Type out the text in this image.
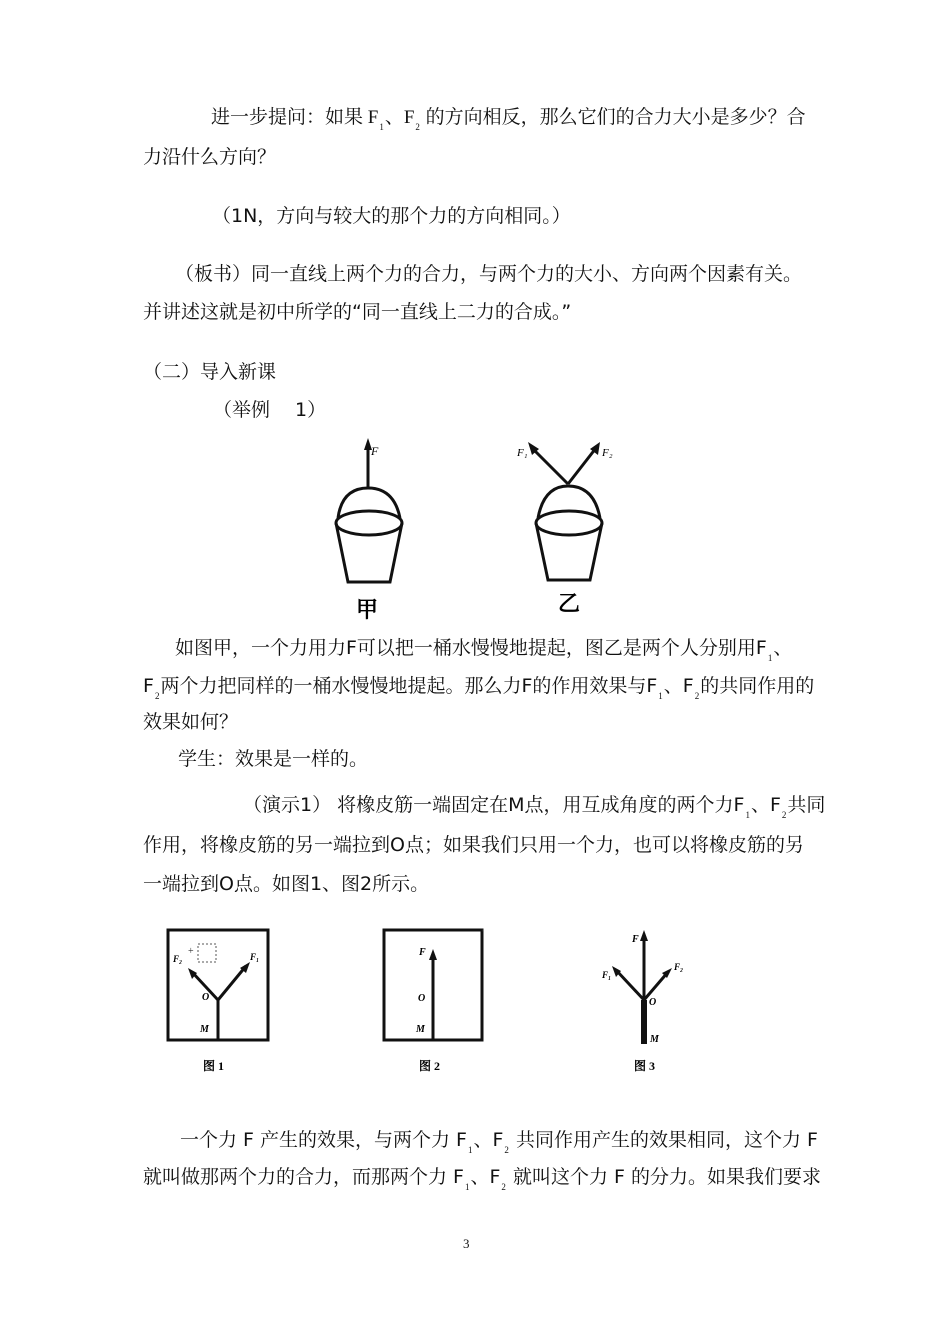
进一步提问：如果 $F_1$、$F_2$ 的方向相反，那么它们的合力大小是多少？合
力沿什么方向？
（1N，方向与较大的那个力的方向相同。）
（板书）同一直线上两个力的合力，与两个力的大小、方向两个因素有关。
并讲述这就是初中所学的“同一直线上二力的合成。”
（二）导入新课
（举例　 1）
F
甲
F₁	F₂
乙
如图甲，一个力用力F可以把一桶水慢慢地提起，图乙是两个人分别用$F_1$、
$F_2$两个力把同样的一桶水慢慢地提起。那么力F的作用效果与$F_1$、$F_2$的共同作用的
效果如何？
学生：效果是一样的。
（演示1） 将橡皮筋一端固定在M点，用互成角度的两个力$F_1$、$F_2$共同
作用，将橡皮筋的另一端拉到O点；如果我们只用一个力，也可以将橡皮筋的另
一端拉到O点。如图1、图2所示。
+
F₂	F₁
O
M
图 1
'
F
O
M
图 2
F
F₁
F₂
O
M
图 3
一个力 F 产生的效果，与两个力 $F_1$、$F_2$ 共同作用产生的效果相同，这个力 F
就叫做那两个力的合力，而那两个力 $F_1$、$F_2$ 就叫这个力 F 的分力。如果我们要求
3
